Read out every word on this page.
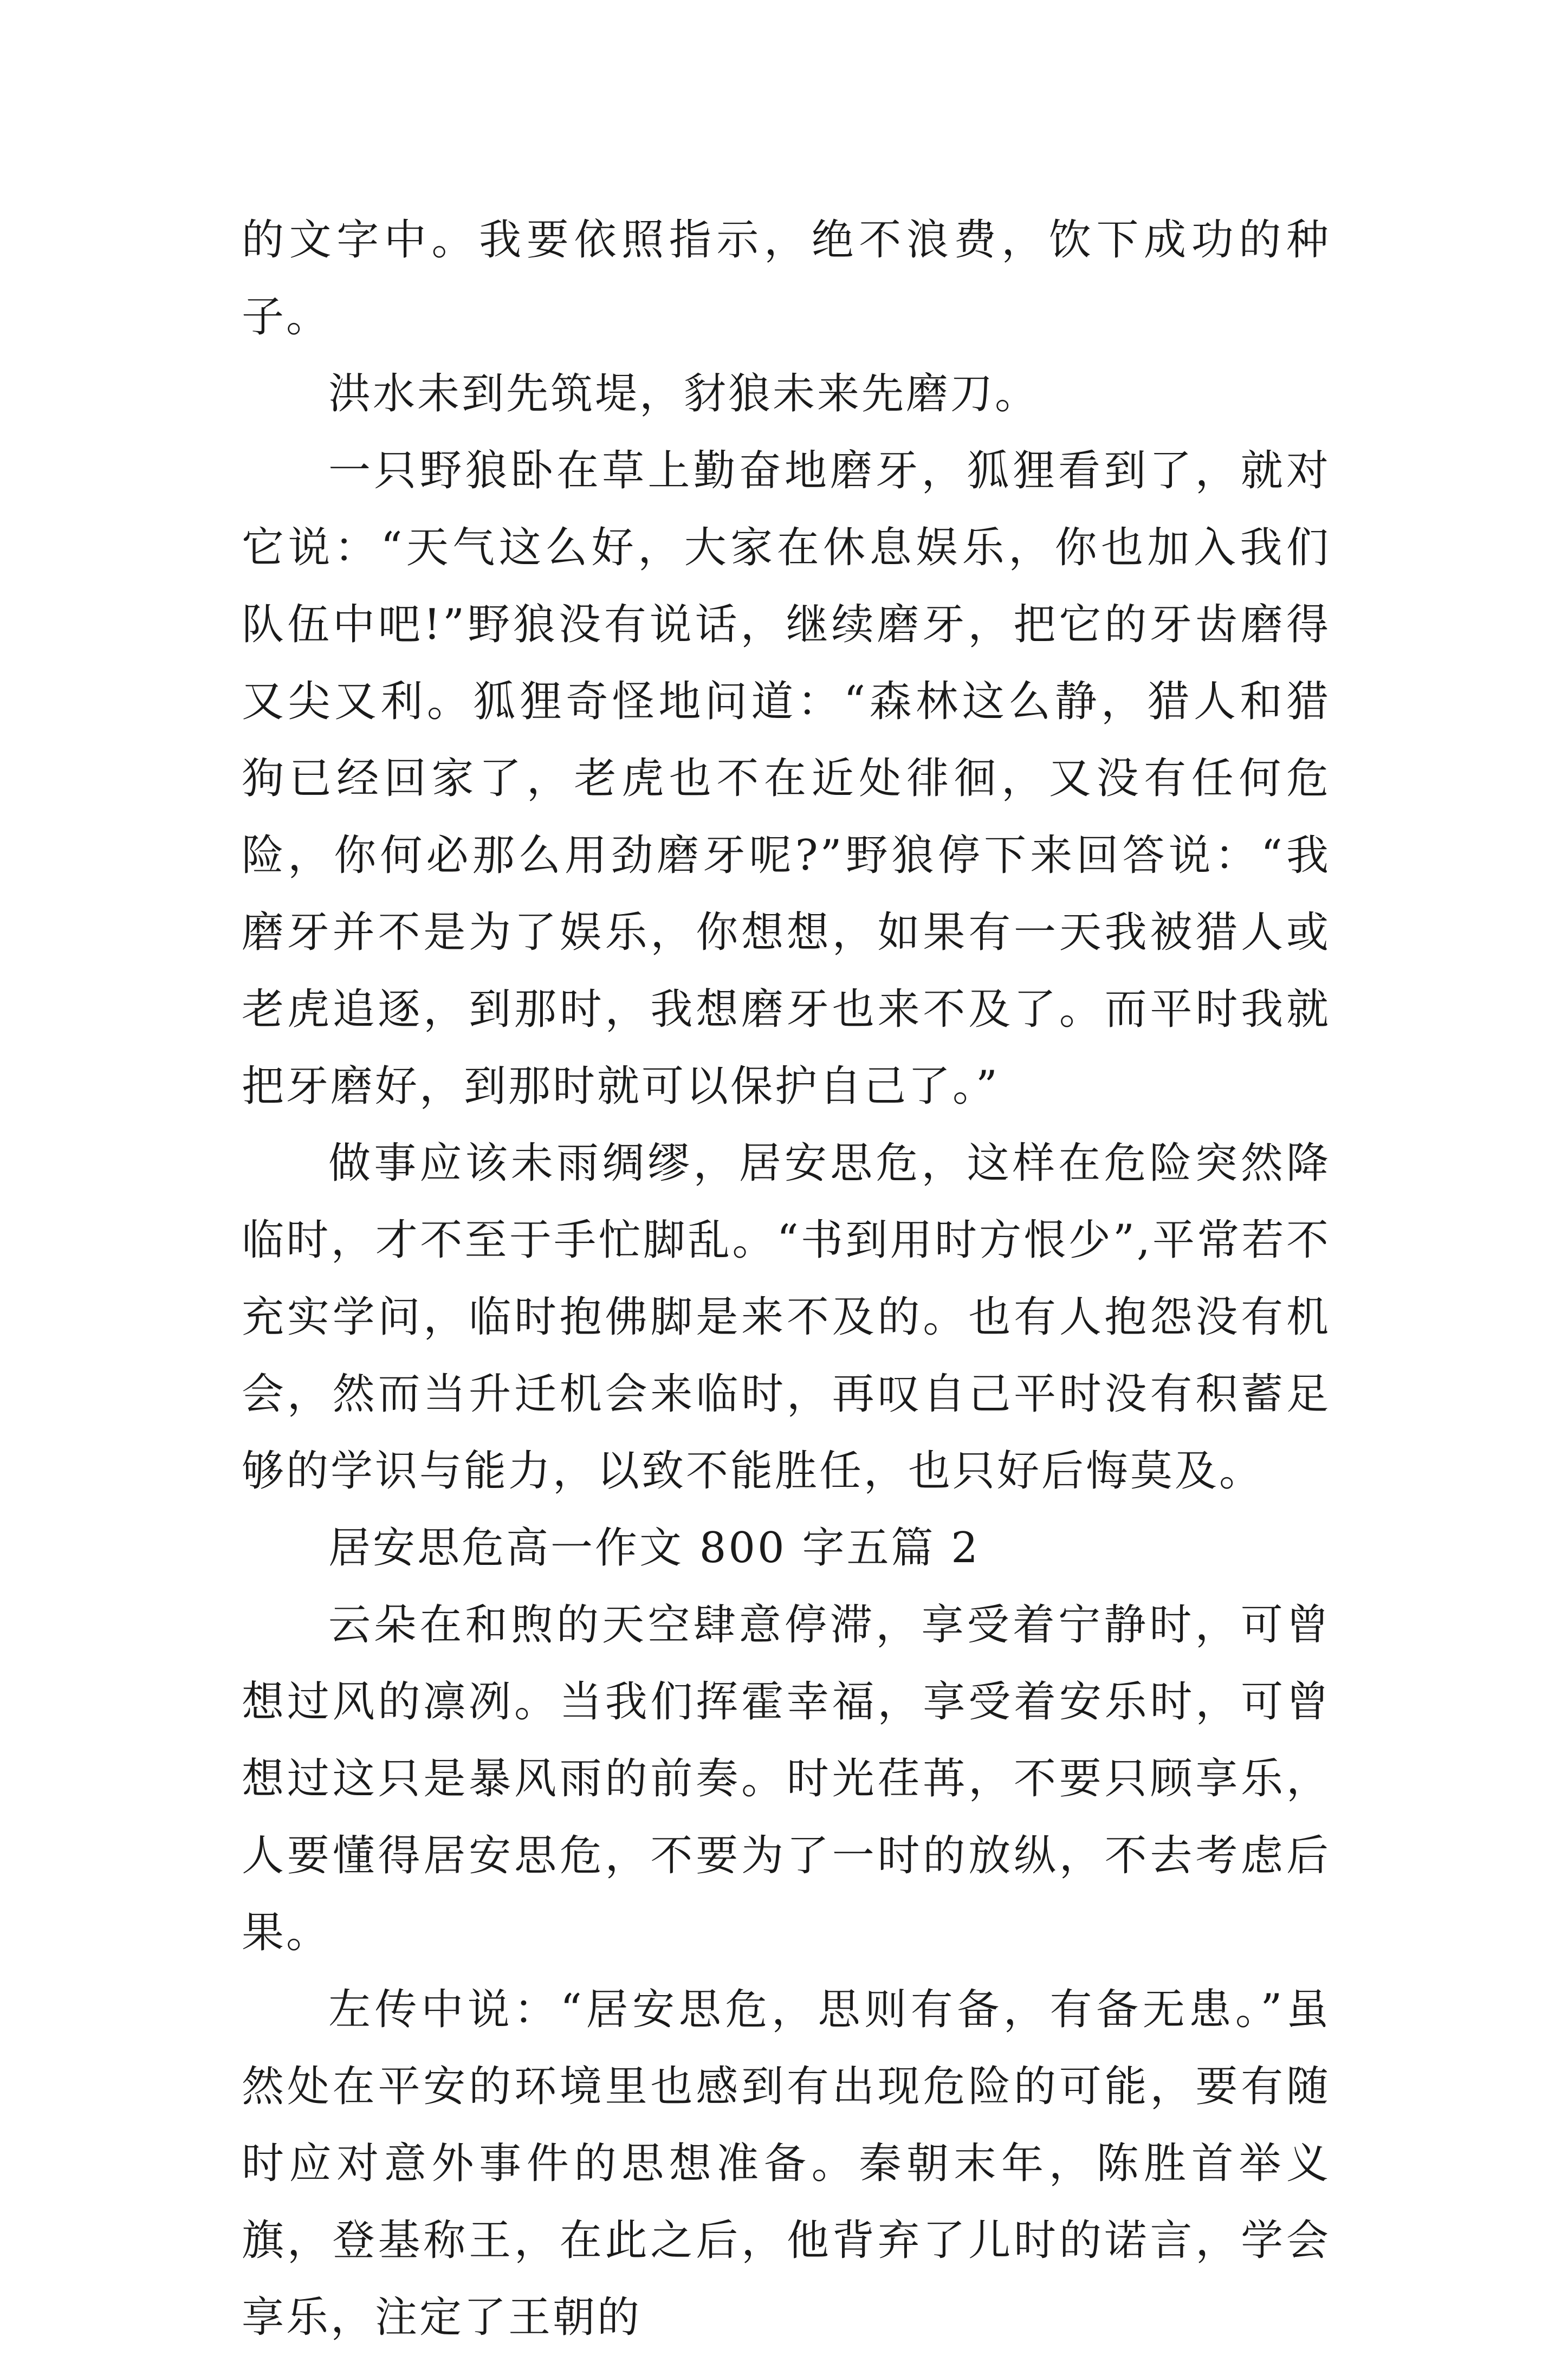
的文字中。我要依照指示，绝不浪费，饮下成功的种子。

洪水未到先筑堤，豺狼未来先磨刀。

一只野狼卧在草上勤奋地磨牙，狐狸看到了，就对它说：“天气这么好，大家在休息娱乐，你也加入我们队伍中吧!”野狼没有说话，继续磨牙，把它的牙齿磨得又尖又利。狐狸奇怪地问道：“森林这么静，猎人和猎狗已经回家了，老虎也不在近处徘徊，又没有任何危险，你何必那么用劲磨牙呢?”野狼停下来回答说：“我磨牙并不是为了娱乐，你想想，如果有一天我被猎人或老虎追逐，到那时，我想磨牙也来不及了。而平时我就把牙磨好，到那时就可以保护自己了。”

做事应该未雨绸缪，居安思危，这样在危险突然降临时，才不至于手忙脚乱。“书到用时方恨少”,平常若不充实学问，临时抱佛脚是来不及的。也有人抱怨没有机会，然而当升迁机会来临时，再叹自己平时没有积蓄足够的学识与能力，以致不能胜任，也只好后悔莫及。

居安思危高一作文 800 字五篇 2

云朵在和煦的天空肆意停滞，享受着宁静时，可曾想过风的凛冽。当我们挥霍幸福，享受着安乐时，可曾想过这只是暴风雨的前奏。时光荏苒，不要只顾享乐，人要懂得居安思危，不要为了一时的放纵，不去考虑后果。

左传中说：“居安思危，思则有备，有备无患。”虽然处在平安的环境里也感到有出现危险的可能，要有随时应对意外事件的思想准备。秦朝末年，陈胜首举义旗，登基称王，在此之后，他背弃了儿时的诺言，学会享乐，注定了王朝的
